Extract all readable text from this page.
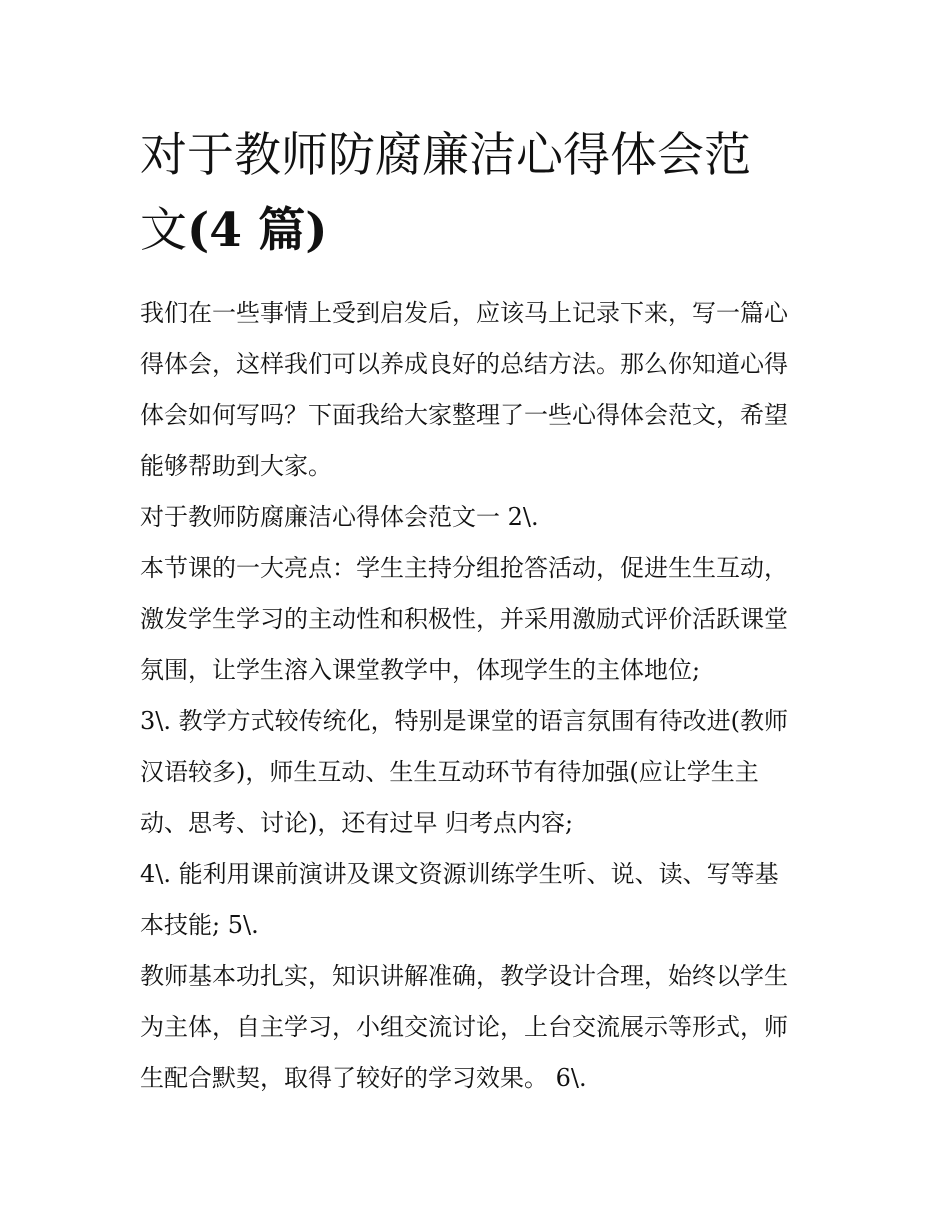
对于教师防腐廉洁心得体会范
文(4 篇)

我们在一些事情上受到启发后，应该马上记录下来，写一篇心
得体会，这样我们可以养成良好的总结方法。那么你知道心得
体会如何写吗？下面我给大家整理了一些心得体会范文，希望
能够帮助到大家。

对于教师防腐廉洁心得体会范文一 2\.

本节课的一大亮点：学生主持分组抢答活动，促进生生互动，
激发学生学习的主动性和积极性，并采用激励式评价活跃课堂
氛围，让学生溶入课堂教学中，体现学生的主体地位;

3\. 教学方式较传统化，特别是课堂的语言氛围有待改进(教师
汉语较多)，师生互动、生生互动环节有待加强(应让学生主
动、思考、讨论)，还有过早 归考点内容;

4\. 能利用课前演讲及课文资源训练学生听、说、读、写等基
本技能; 5\.

教师基本功扎实，知识讲解准确，教学设计合理，始终以学生
为主体，自主学习，小组交流讨论，上台交流展示等形式，师
生配合默契，取得了较好的学习效果。 6\.
